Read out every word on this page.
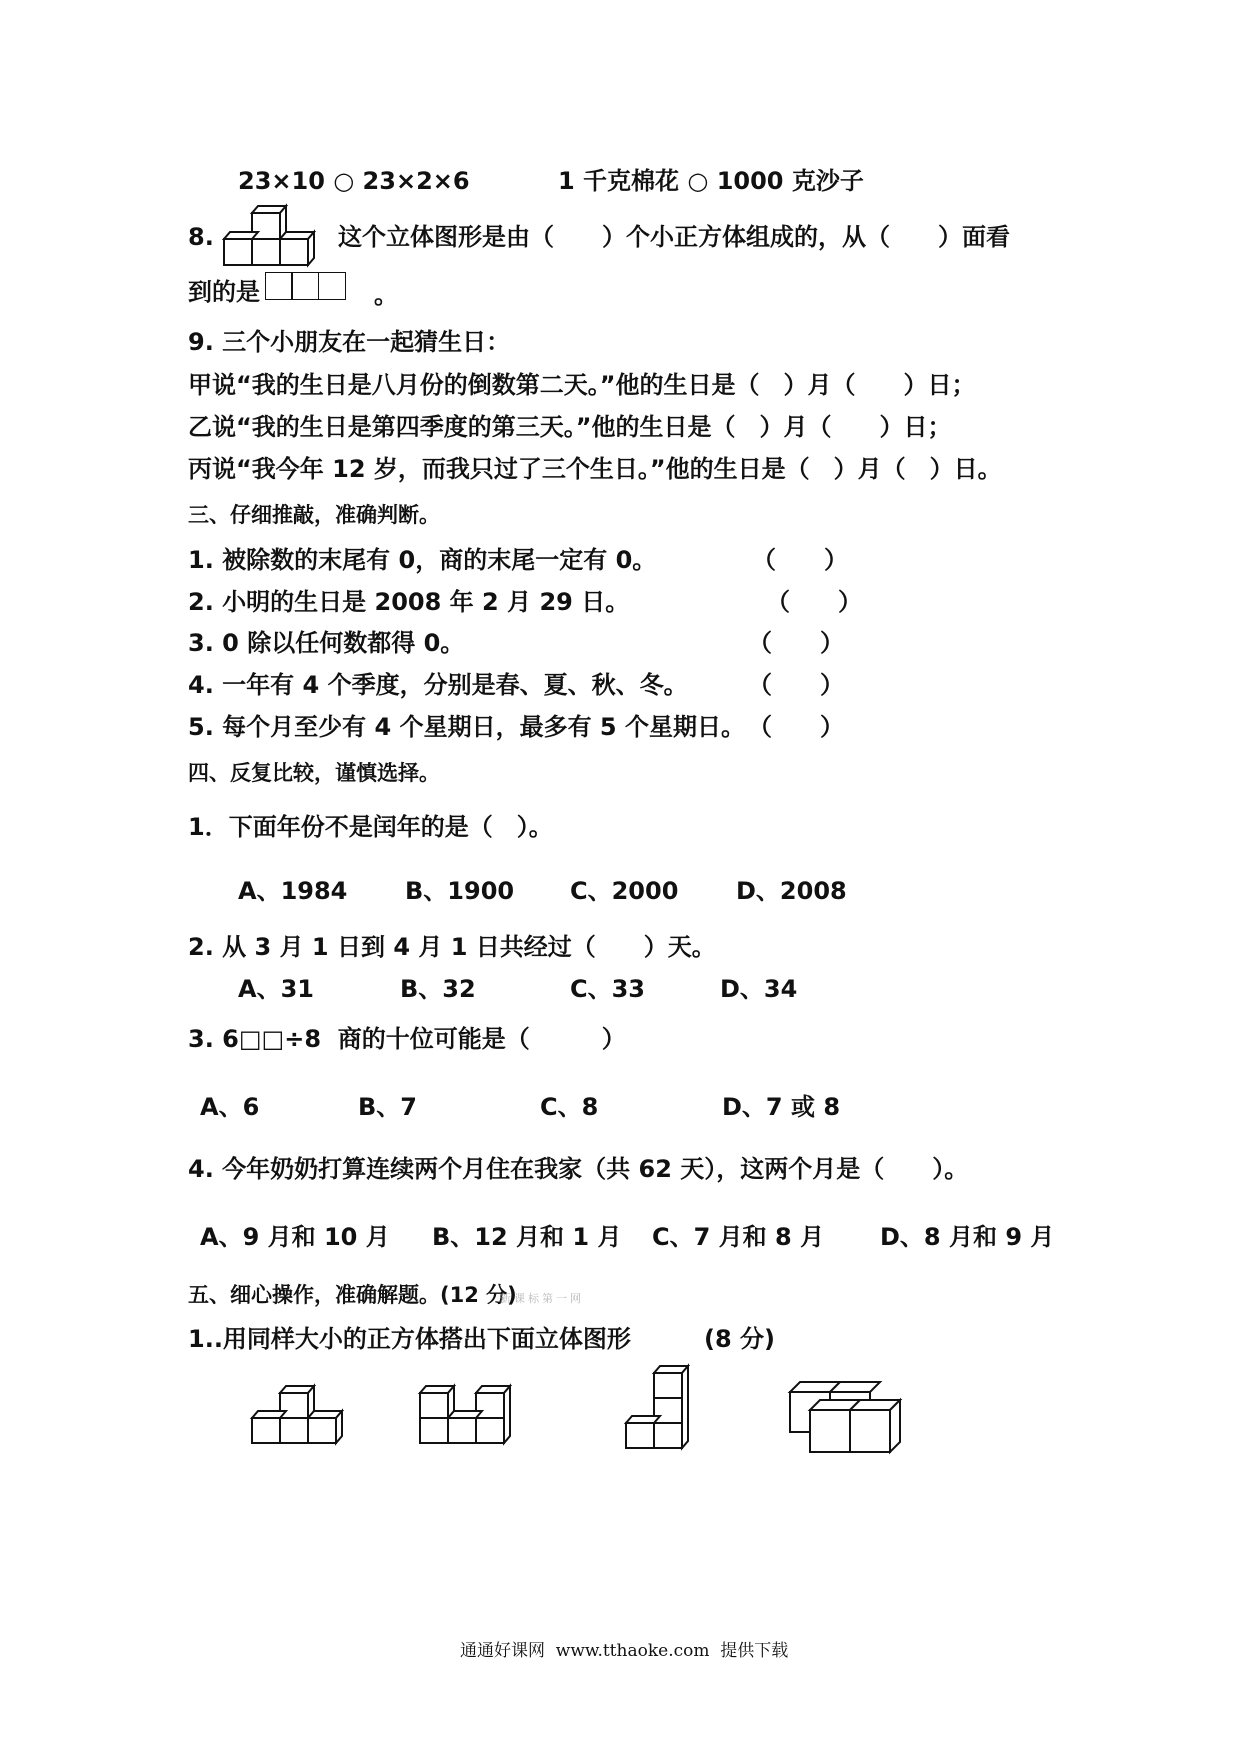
23×10 ○ 23×2×6	1 千克棉花 ○ 1000 克沙子
8.	这个立体图形是由（　　）个小正方体组成的，从（　　）面看
到的是	。
9. 三个小朋友在一起猜生日：
甲说“我的生日是八月份的倒数第二天。”他的生日是（　）月（　　）日；
乙说“我的生日是第四季度的第三天。”他的生日是（　）月（　　）日；
丙说“我今年 12 岁，而我只过了三个生日。”他的生日是（　）月（　）日。
三、仔细推敲，准确判断。
1. 被除数的末尾有 0，商的末尾一定有 0。	（　　）
2. 小明的生日是 2008 年 2 月 29 日。	（　　）
3. 0 除以任何数都得 0。	（　　）
4. 一年有 4 个季度，分别是春、夏、秋、冬。	（　　）
5. 每个月至少有 4 个星期日，最多有 5 个星期日。 （　　）
四、反复比较，谨慎选择。
1．下面年份不是闰年的是（　）。
A、1984 B、1900 C、2000 D、2008
2. 从 3 月 1 日到 4 月 1 日共经过（　　）天。
A、31	B、32	C、33	D、34
3. 6□□÷8  商的十位可能是（　　　）
A、6	B、7	C、8	D、7 或 8
4. 今年奶奶打算连续两个月住在我家（共 62 天），这两个月是（　　）。
A、9 月和 10 月 B、12 月和 1 月 C、7 月和 8 月 D、8 月和 9 月
五、细心操作，准确解题。(12 分)
新课标第一网
1..用同样大小的正方体搭出下面立体图形	(8 分)
通通好课网  www.tthaoke.com  提供下载
